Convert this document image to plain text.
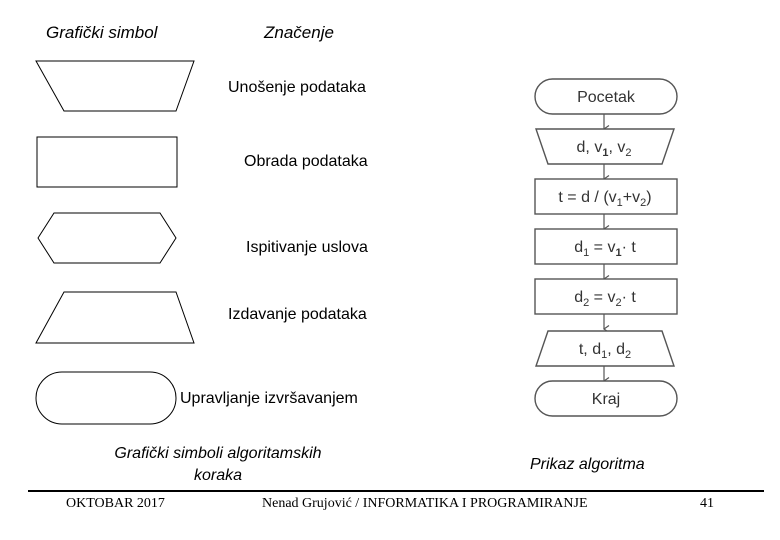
Grafički simbol	Značenje
Unošenje podataka
Obrada podataka
Ispitivanje uslova
Izdavanje podataka
Upravljanje izvršavanjem
Grafički simboli algoritamskih
koraka
Pocetak
d, $v_1$, $v_2$
$t = d / (v_1+v_2)$
$d_1 = v_1\cdot t$
$d_2 = v_2\cdot t$
t, $d_1$, $d_2$
Kraj
Prikaz algoritma
OKTOBAR 2017	Nenad Grujović / INFORMATIKA I PROGRAMIRANJE	41
